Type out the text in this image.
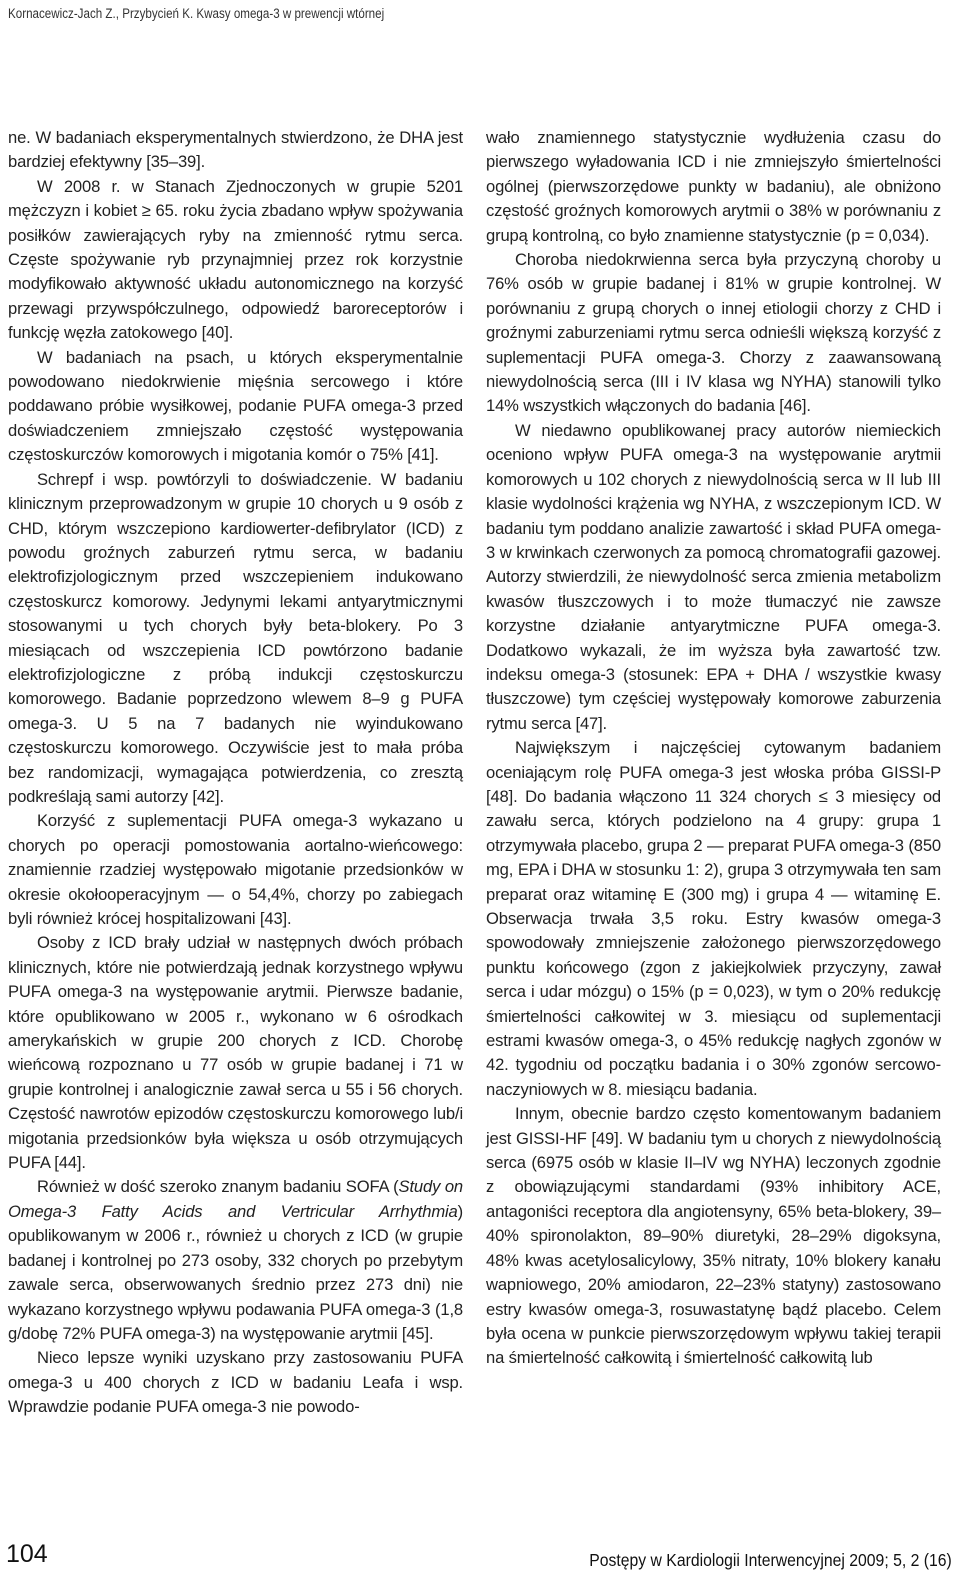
Kornacewicz-Jach Z., Przybycień K. Kwasy omega-3 w prewencji wtórnej

ne. W badaniach eksperymentalnych stwierdzono, że DHA jest bardziej efektywny [35–39].

W 2008 r. w Stanach Zjednoczonych w grupie 5201 mężczyzn i kobiet ≥ 65. roku życia zbadano wpływ spożywania posiłków zawierających ryby na zmienność rytmu serca. Częste spożywanie ryb przynajmniej przez rok korzystnie modyfikowało aktywność układu autonomicznego na korzyść przewagi przywspółczulnego, odpowiedź baroreceptorów i funkcję węzła zatokowego [40].

W badaniach na psach, u których eksperymentalnie powodowano niedokrwienie mięśnia sercowego i które poddawano próbie wysiłkowej, podanie PUFA omega-3 przed doświadczeniem zmniejszało częstość występowania częstoskurczów komorowych i migotania komór o 75% [41].

Schrepf i wsp. powtórzyli to doświadczenie. W badaniu klinicznym przeprowadzonym w grupie 10 chorych u 9 osób z CHD, którym wszczepiono kardiowerter-defibrylator (ICD) z powodu groźnych zaburzeń rytmu serca, w badaniu elektrofizjologicznym przed wszczepieniem indukowano częstoskurcz komorowy. Jedynymi lekami antyarytmicznymi stosowanymi u tych chorych były beta-blokery. Po 3 miesiącach od wszczepienia ICD powtórzono badanie elektrofizjologiczne z próbą indukcji częstoskurczu komorowego. Badanie poprzedzono wlewem 8–9 g PUFA omega-3. U 5 na 7 badanych nie wyindukowano częstoskurczu komorowego. Oczywiście jest to mała próba bez randomizacji, wymagająca potwierdzenia, co zresztą podkreślają sami autorzy [42].

Korzyść z suplementacji PUFA omega-3 wykazano u chorych po operacji pomostowania aortalno-wieńcowego: znamiennie rzadziej występowało migotanie przedsionków w okresie okołooperacyjnym — o 54,4%, chorzy po zabiegach byli również krócej hospitalizowani [43].

Osoby z ICD brały udział w następnych dwóch próbach klinicznych, które nie potwierdzają jednak korzystnego wpływu PUFA omega-3 na występowanie arytmii. Pierwsze badanie, które opublikowano w 2005 r., wykonano w 6 ośrodkach amerykańskich w grupie 200 chorych z ICD. Chorobę wieńcową rozpoznano u 77 osób w grupie badanej i 71 w grupie kontrolnej i analogicznie zawał serca u 55 i 56 chorych. Częstość nawrotów epizodów częstoskurczu komorowego lub/i migotania przedsionków była większa u osób otrzymujących PUFA [44].

Również w dość szeroko znanym badaniu SOFA (Study on Omega-3 Fatty Acids and Vertricular Arrhythmia) opublikowanym w 2006 r., również u chorych z ICD (w grupie badanej i kontrolnej po 273 osoby, 332 chorych po przebytym zawale serca, obserwowanych średnio przez 273 dni) nie wykazano korzystnego wpływu podawania PUFA omega-3 (1,8 g/dobę 72% PUFA omega-3) na występowanie arytmii [45].

Nieco lepsze wyniki uzyskano przy zastosowaniu PUFA omega-3 u 400 chorych z ICD w badaniu Leafa i wsp. Wprawdzie podanie PUFA omega-3 nie powodo-

wało znamiennego statystycznie wydłużenia czasu do pierwszego wyładowania ICD i nie zmniejszyło śmiertelności ogólnej (pierwszorzędowe punkty w badaniu), ale obniżono częstość groźnych komorowych arytmii o 38% w porównaniu z grupą kontrolną, co było znamienne statystycznie (p = 0,034).

Choroba niedokrwienna serca była przyczyną choroby u 76% osób w grupie badanej i 81% w grupie kontrolnej. W porównaniu z grupą chorych o innej etiologii chorzy z CHD i groźnymi zaburzeniami rytmu serca odnieśli większą korzyść z suplementacji PUFA omega-3. Chorzy z zaawansowaną niewydolnością serca (III i IV klasa wg NYHA) stanowili tylko 14% wszystkich włączonych do badania [46].

W niedawno opublikowanej pracy autorów niemieckich oceniono wpływ PUFA omega-3 na występowanie arytmii komorowych u 102 chorych z niewydolnością serca w II lub III klasie wydolności krążenia wg NYHA, z wszczepionym ICD. W badaniu tym poddano analizie zawartość i skład PUFA omega-3 w krwinkach czerwonych za pomocą chromatografii gazowej. Autorzy stwierdzili, że niewydolność serca zmienia metabolizm kwasów tłuszczowych i to może tłumaczyć nie zawsze korzystne działanie antyarytmiczne PUFA omega-3. Dodatkowo wykazali, że im wyższa była zawartość tzw. indeksu omega-3 (stosunek: EPA + DHA / wszystkie kwasy tłuszczowe) tym częściej występowały komorowe zaburzenia rytmu serca [47].

Największym i najczęściej cytowanym badaniem oceniającym rolę PUFA omega-3 jest włoska próba GISSI-P [48]. Do badania włączono 11 324 chorych ≤ 3 miesięcy od zawału serca, których podzielono na 4 grupy: grupa 1 otrzymywała placebo, grupa 2 — preparat PUFA omega-3 (850 mg, EPA i DHA w stosunku 1: 2), grupa 3 otrzymywała ten sam preparat oraz witaminę E (300 mg) i grupa 4 — witaminę E. Obserwacja trwała 3,5 roku. Estry kwasów omega-3 spowodowały zmniejszenie założonego pierwszorzędowego punktu końcowego (zgon z jakiejkolwiek przyczyny, zawał serca i udar mózgu) o 15% (p = 0,023), w tym o 20% redukcję śmiertelności całkowitej w 3. miesiącu od suplementacji estrami kwasów omega-3, o 45% redukcję nagłych zgonów w 42. tygodniu od początku badania i o 30% zgonów sercowo-naczyniowych w 8. miesiącu badania.

Innym, obecnie bardzo często komentowanym badaniem jest GISSI-HF [49]. W badaniu tym u chorych z niewydolnością serca (6975 osób w klasie II–IV wg NYHA) leczonych zgodnie z obowiązującymi standardami (93% inhibitory ACE, antagoniści receptora dla angiotensyny, 65% beta-blokery, 39–40% spironolakton, 89–90% diuretyki, 28–29% digoksyna, 48% kwas acetylosalicylowy, 35% nitraty, 10% blokery kanału wapniowego, 20% amiodaron, 22–23% statyny) zastosowano estry kwasów omega-3, rosuwastatynę bądź placebo. Celem była ocena w punkcie pierwszorzędowym wpływu takiej terapii na śmiertelność całkowitą i śmiertelność całkowitą lub

104	Postępy w Kardiologii Interwencyjnej 2009; 5, 2 (16)
